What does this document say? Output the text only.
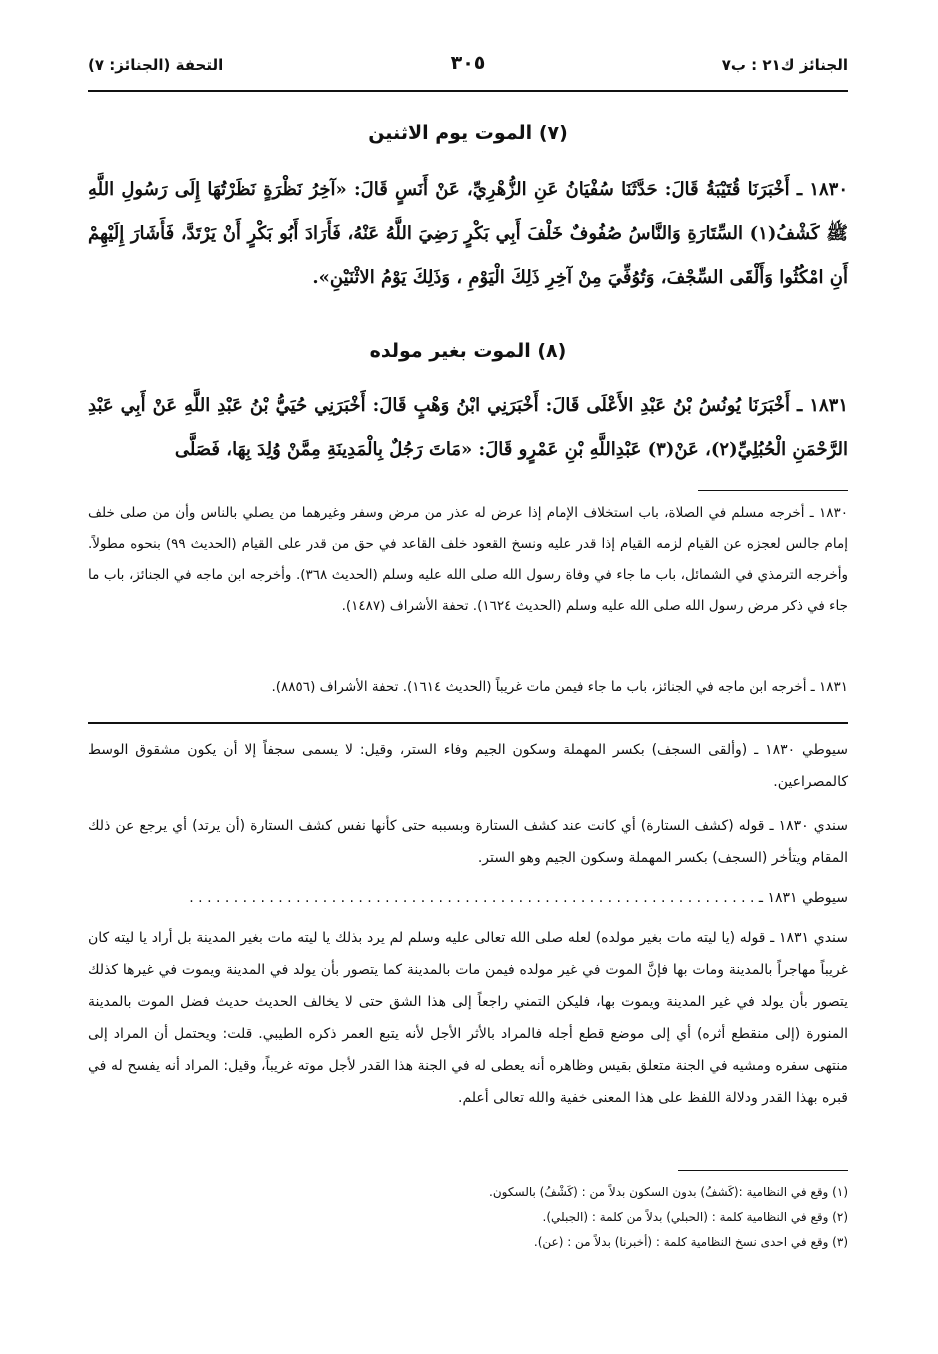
الجنائز ك٢١ : ب٧
٣٠٥
التحفة (الجنائز: ٧)
(٧) الموت يوم الاثنين
١٨٣٠ ـ أَخْبَرَنَا قُتَيْبَةُ قَالَ: حَدَّثَنَا سُفْيَانُ عَنِ الزُّهْرِيِّ، عَنْ أَنَسٍ قَالَ: «آخِرُ نَظْرَةٍ نَظَرْتُهَا إِلَى رَسُولِ اللَّهِ ﷺ كَشْفُ(١) السِّتَارَةِ وَالنَّاسُ صُفُوفٌ خَلْفَ أَبِي بَكْرٍ رَضِيَ اللَّهُ عَنْهُ، فَأَرَادَ أَبُو بَكْرٍ أَنْ يَرْتَدَّ، فَأَشَارَ إِلَيْهِمْ أَنِ امْكُثُوا وَأَلْقَى السِّجْفَ، وَتُوُفِّيَ مِنْ آخِرِ ذَلِكَ الْيَوْمِ ، وَذَلِكَ يَوْمُ الاثْنَيْنِ».
(٨) الموت بغير مولده
١٨٣١ ـ أَخْبَرَنَا يُونُسُ بْنُ عَبْدِ الأَعْلَى قَالَ: أَخْبَرَنِي ابْنُ وَهْبٍ قَالَ: أَخْبَرَنِي حُيَيُّ بْنُ عَبْدِ اللَّهِ عَنْ أَبِي عَبْدِ الرَّحْمَنِ الْحُبُلِيِّ(٢)، عَنْ(٣) عَبْدِاللَّهِ بْنِ عَمْرٍو قَالَ: «مَاتَ رَجُلٌ بِالْمَدِينَةِ مِمَّنْ وُلِدَ بِهَا، فَصَلَّى
١٨٣٠ ـ أخرجه مسلم في الصلاة، باب استخلاف الإمام إذا عرض له عذر من مرض وسفر وغيرهما من يصلي بالناس وأن من صلى خلف إمام جالس لعجزه عن القيام لزمه القيام إذا قدر عليه ونسخ القعود خلف القاعد في حق من قدر على القيام (الحديث ٩٩) بنحوه مطولاً. وأخرجه الترمذي في الشمائل، باب ما جاء في وفاة رسول الله صلى الله عليه وسلم (الحديث ٣٦٨). وأخرجه ابن ماجه في الجنائز، باب ما جاء في ذكر مرض رسول الله صلى الله عليه وسلم (الحديث ١٦٢٤). تحفة الأشراف (١٤٨٧).
١٨٣١ ـ أخرجه ابن ماجه في الجنائز، باب ما جاء فيمن مات غريباً (الحديث ١٦١٤). تحفة الأشراف (٨٨٥٦).
سيوطي ١٨٣٠ ـ (وألقى السجف) بكسر المهملة وسكون الجيم وفاء الستر، وقيل: لا يسمى سجفاً إلا أن يكون مشقوق الوسط كالمصراعين.
سندي ١٨٣٠ ـ قوله (كشف الستارة) أي كانت عند كشف الستارة وبسببه حتى كأنها نفس كشف الستارة (أن يرتد) أي يرجع عن ذلك المقام ويتأخر (السجف) بكسر المهملة وسكون الجيم وهو الستر.
سيوطي ١٨٣١ ـ . . . . . . . . . . . . . . . . . . . . . . . . . . . . . . . . . . . . . . . . . . . . . . . . . . . . . . . . . . . . . . . .
سندي ١٨٣١ ـ قوله (يا ليته مات بغير مولده) لعله صلى الله تعالى عليه وسلم لم يرد بذلك يا ليته مات بغير المدينة بل أراد يا ليته كان غريباً مهاجراً بالمدينة ومات بها فإنَّ الموت في غير مولده فيمن مات بالمدينة كما يتصور بأن يولد في المدينة ويموت في غيرها كذلك يتصور بأن يولد في غير المدينة ويموت بها، فليكن التمني راجعاً إلى هذا الشق حتى لا يخالف الحديث حديث فضل الموت بالمدينة المنورة (إلى منقطع أثره) أي إلى موضع قطع أجله فالمراد بالأثر الأجل لأنه يتبع العمر ذكره الطيبي. قلت: ويحتمل أن المراد إلى منتهى سفره ومشيه في الجنة متعلق بقيس وظاهره أنه يعطى له في الجنة هذا القدر لأجل موته غريباً، وقيل: المراد أنه يفسح له في قبره بهذا القدر ودلالة اللفظ على هذا المعنى خفية والله تعالى أعلم.
(١) وقع في النظامية :(كَشفُ) بدون السكون بدلاً من : (كَشْفُ) بالسكون.
(٢) وقع في النظامية كلمة : (الحبلي) بدلاً من كلمة : (الجبلي).
(٣) وقع في احدى نسخ النظامية كلمة : (أخبرنا) بدلاً من : (عن).
